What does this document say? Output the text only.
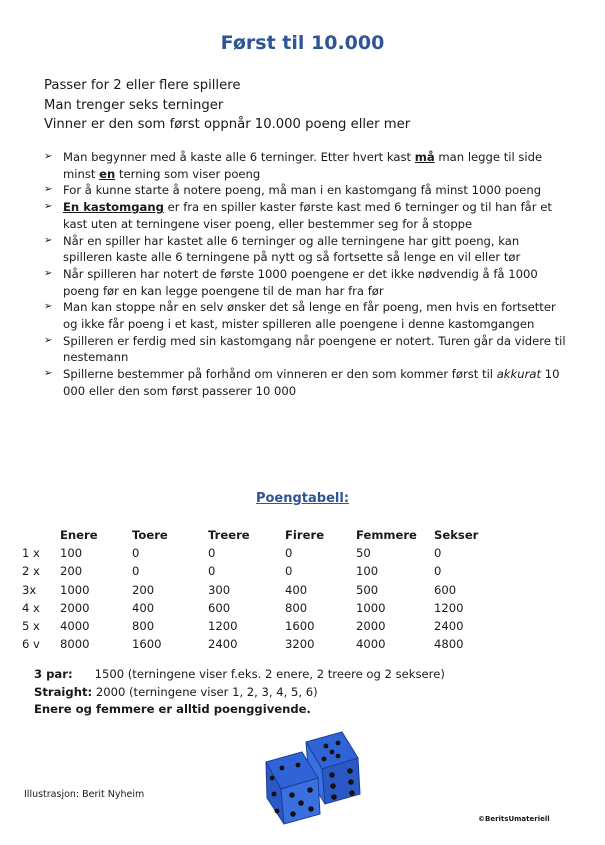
Først til 10.000
Passer for 2 eller flere spillere
Man trenger seks terninger
Vinner er den som først oppnår 10.000 poeng eller mer
➢ Man begynner med å kaste alle 6 terninger. Etter hvert kast må man legge til side minst en terning som viser poeng
➢ For å kunne starte å notere poeng, må man i en kastomgang få minst 1000 poeng
➢ En kastomgang er fra en spiller kaster første kast med 6 terninger og til han får et kast uten at terningene viser poeng, eller bestemmer seg for å stoppe
➢ Når en spiller har kastet alle 6 terninger og alle terningene har gitt poeng, kan spilleren kaste alle 6 terningene på nytt og så fortsette så lenge en vil eller tør
➢ Når spilleren har notert de første 1000 poengene er det ikke nødvendig å få 1000 poeng før en kan legge poengene til de man har fra før
➢ Man kan stoppe når en selv ønsker det så lenge en får poeng, men hvis en fortsetter og ikke får poeng i et kast, mister spilleren alle poengene i denne kastomgangen
➢ Spilleren er ferdig med sin kastomgang når poengene er notert. Turen går da videre til nestemann
➢ Spillerne bestemmer på forhånd om vinneren er den som kommer først til akkurat 10 000 eller den som først passerer 10 000
Poengtabell:
	Enere	Toere	Treere	Firere	Femmere	Sekser
1 x	100	0	0	0	50	0
2 x	200	0	0	0	100	0
3x	1000	200	300	400	500	600
4 x	2000	400	600	800	1000	1200
5 x	4000	800	1200	1600	2000	2400
6 v	8000	1600	2400	3200	4000	4800
3 par: 1500 (terningene viser f.eks. 2 enere, 2 treere og 2 seksere)
Straight: 2000 (terningene viser 1, 2, 3, 4, 5, 6)
Enere og femmere er alltid poenggivende.
Illustrasjon: Berit Nyheim
©BeritsUmateriell
